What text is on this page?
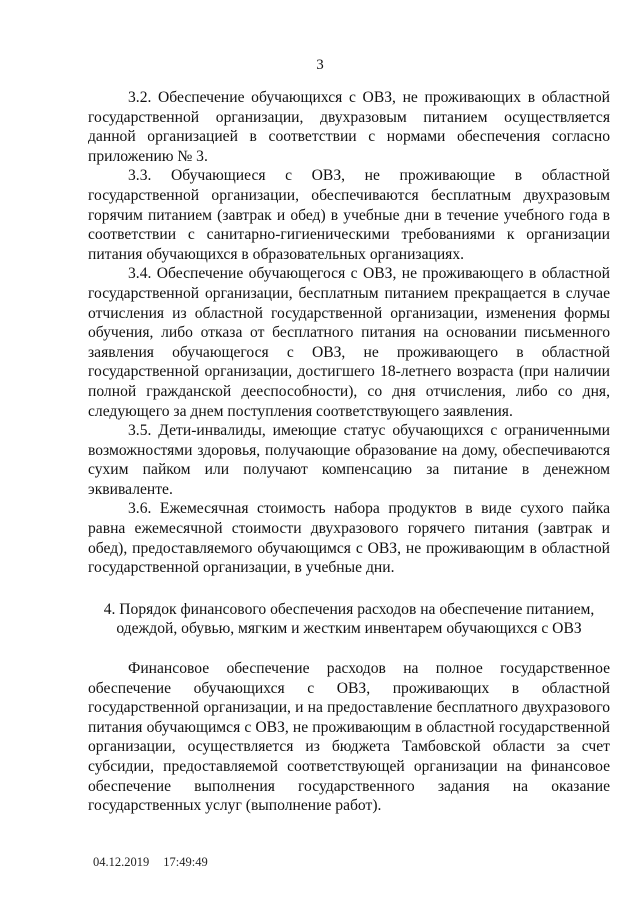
3

3.2. Обеспечение обучающихся с ОВЗ, не проживающих в областной государственной организации, двухразовым питанием осуществляется данной организацией в соответствии с нормами обеспечения согласно приложению № 3.

3.3. Обучающиеся с ОВЗ, не проживающие в областной государственной организации, обеспечиваются бесплатным двухразовым горячим питанием (завтрак и обед) в учебные дни в течение учебного года в соответствии с санитарно-гигиеническими требованиями к организации питания обучающихся в образовательных организациях.

3.4. Обеспечение обучающегося с ОВЗ, не проживающего в областной государственной организации, бесплатным питанием прекращается в случае отчисления из областной государственной организации, изменения формы обучения, либо отказа от бесплатного питания на основании письменного заявления обучающегося с ОВЗ, не проживающего в областной государственной организации, достигшего 18-летнего возраста (при наличии полной гражданской дееспособности), со дня отчисления, либо со дня, следующего за днем поступления соответствующего заявления.

3.5. Дети-инвалиды, имеющие статус обучающихся с ограниченными возможностями здоровья, получающие образование на дому, обеспечиваются сухим пайком или получают компенсацию за питание в денежном эквиваленте.

3.6. Ежемесячная стоимость набора продуктов в виде сухого пайка равна ежемесячной стоимости двухразового горячего питания (завтрак и обед), предоставляемого обучающимся с ОВЗ, не проживающим в областной государственной организации, в учебные дни.

4. Порядок финансового обеспечения расходов на обеспечение питанием, одеждой, обувью, мягким и жестким инвентарем обучающихся с ОВЗ

Финансовое обеспечение расходов на полное государственное обеспечение обучающихся с ОВЗ, проживающих в областной государственной организации, и на предоставление бесплатного двухразового питания обучающимся с ОВЗ, не проживающим в областной государственной организации, осуществляется из бюджета Тамбовской области за счет субсидии, предоставляемой соответствующей организации на финансовое обеспечение выполнения государственного задания на оказание государственных услуг (выполнение работ).

04.12.2019 17:49:49
